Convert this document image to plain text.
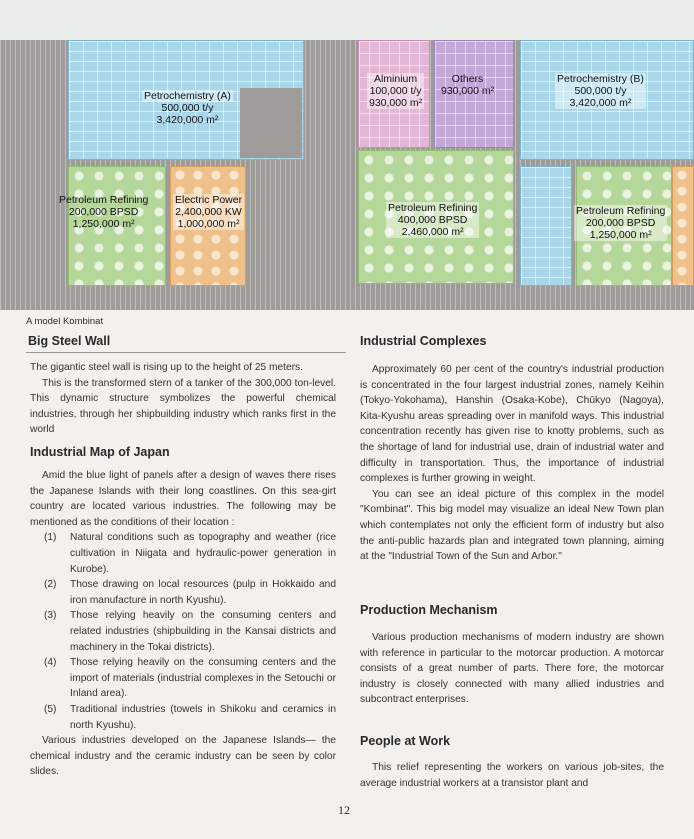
Petrochemistry (A)
500,000 t/y
3,420,000 m²
Alminium
100,000 t/y
930,000 m²
Others
930,000 m²
Petrochemistry (B)
500,000 t/y
3,420,000 m²
Petroleum Refining
200,000 BPSD
1,250,000 m²
Electric Power
2,400,000 KW
1,000,000 m²
Petroleum Refining
400,000 BPSD
2,460,000 m²
Petroleum Refining
200,000 BPSD
1,250,000 m²
A model Kombinat
Big Steel Wall

The gigantic steel wall is rising up to the height of 25 meters.

This is the transformed stern of a tanker of the 300,000 ton-level. This dynamic structure symbolizes the powerful chemical industries, through her shipbuilding industry which ranks first in the world

Industrial Map of Japan

Amid the blue light of panels after a design of waves there rises the Japanese Islands with their long coastlines. On this sea-girt country are located various industries. The following may be mentioned as the conditions of their location :

(1) Natural conditions such as topography and weather (rice cultivation in Niigata and hydraulic-power generation in Kurobe).
(2) Those drawing on local resources (pulp in Hokkaido and iron manufacture in north Kyushu).
(3) Those relying heavily on the consuming centers and related industries (shipbuilding in the Kansai districts and machinery in the Tokai districts).
(4) Those relying heavily on the consuming centers and the import of materials (industrial complexes in the Setouchi or Inland area).
(5) Traditional industries (towels in Shikoku and ceramics in north Kyushu).

Various industries developed on the Japanese Islands— the chemical industry and the ceramic industry can be seen by color slides.

Industrial Complexes

Approximately 60 per cent of the country's industrial production is concentrated in the four largest industrial zones, namely Keihin (Tokyo-Yokohama), Hanshin (Osaka-Kobe), Chūkyo (Nagoya), Kita-Kyushu areas spreading over in manifold ways. This industrial concentration recently has given rise to knotty problems, such as the shortage of land for industrial use, drain of industrial water and difficulty in transportation. Thus, the importance of industrial complexes is further growing in weight.

You can see an ideal picture of this complex in the model "Kombinat". This big model may visualize an ideal New Town plan which contemplates not only the efficient form of industry but also the anti-public hazards plan and integrated town planning, aiming at the "Industrial Town of the Sun and Arbor."

Production Mechanism

Various production mechanisms of modern industry are shown with reference in particular to the motorcar production. A motorcar consists of a great number of parts. There fore, the motorcar industry is closely connected with many allied industries and subcontract enterprises.

People at Work

This relief representing the workers on various job-sites, the average industrial workers at a transistor plant and

12
